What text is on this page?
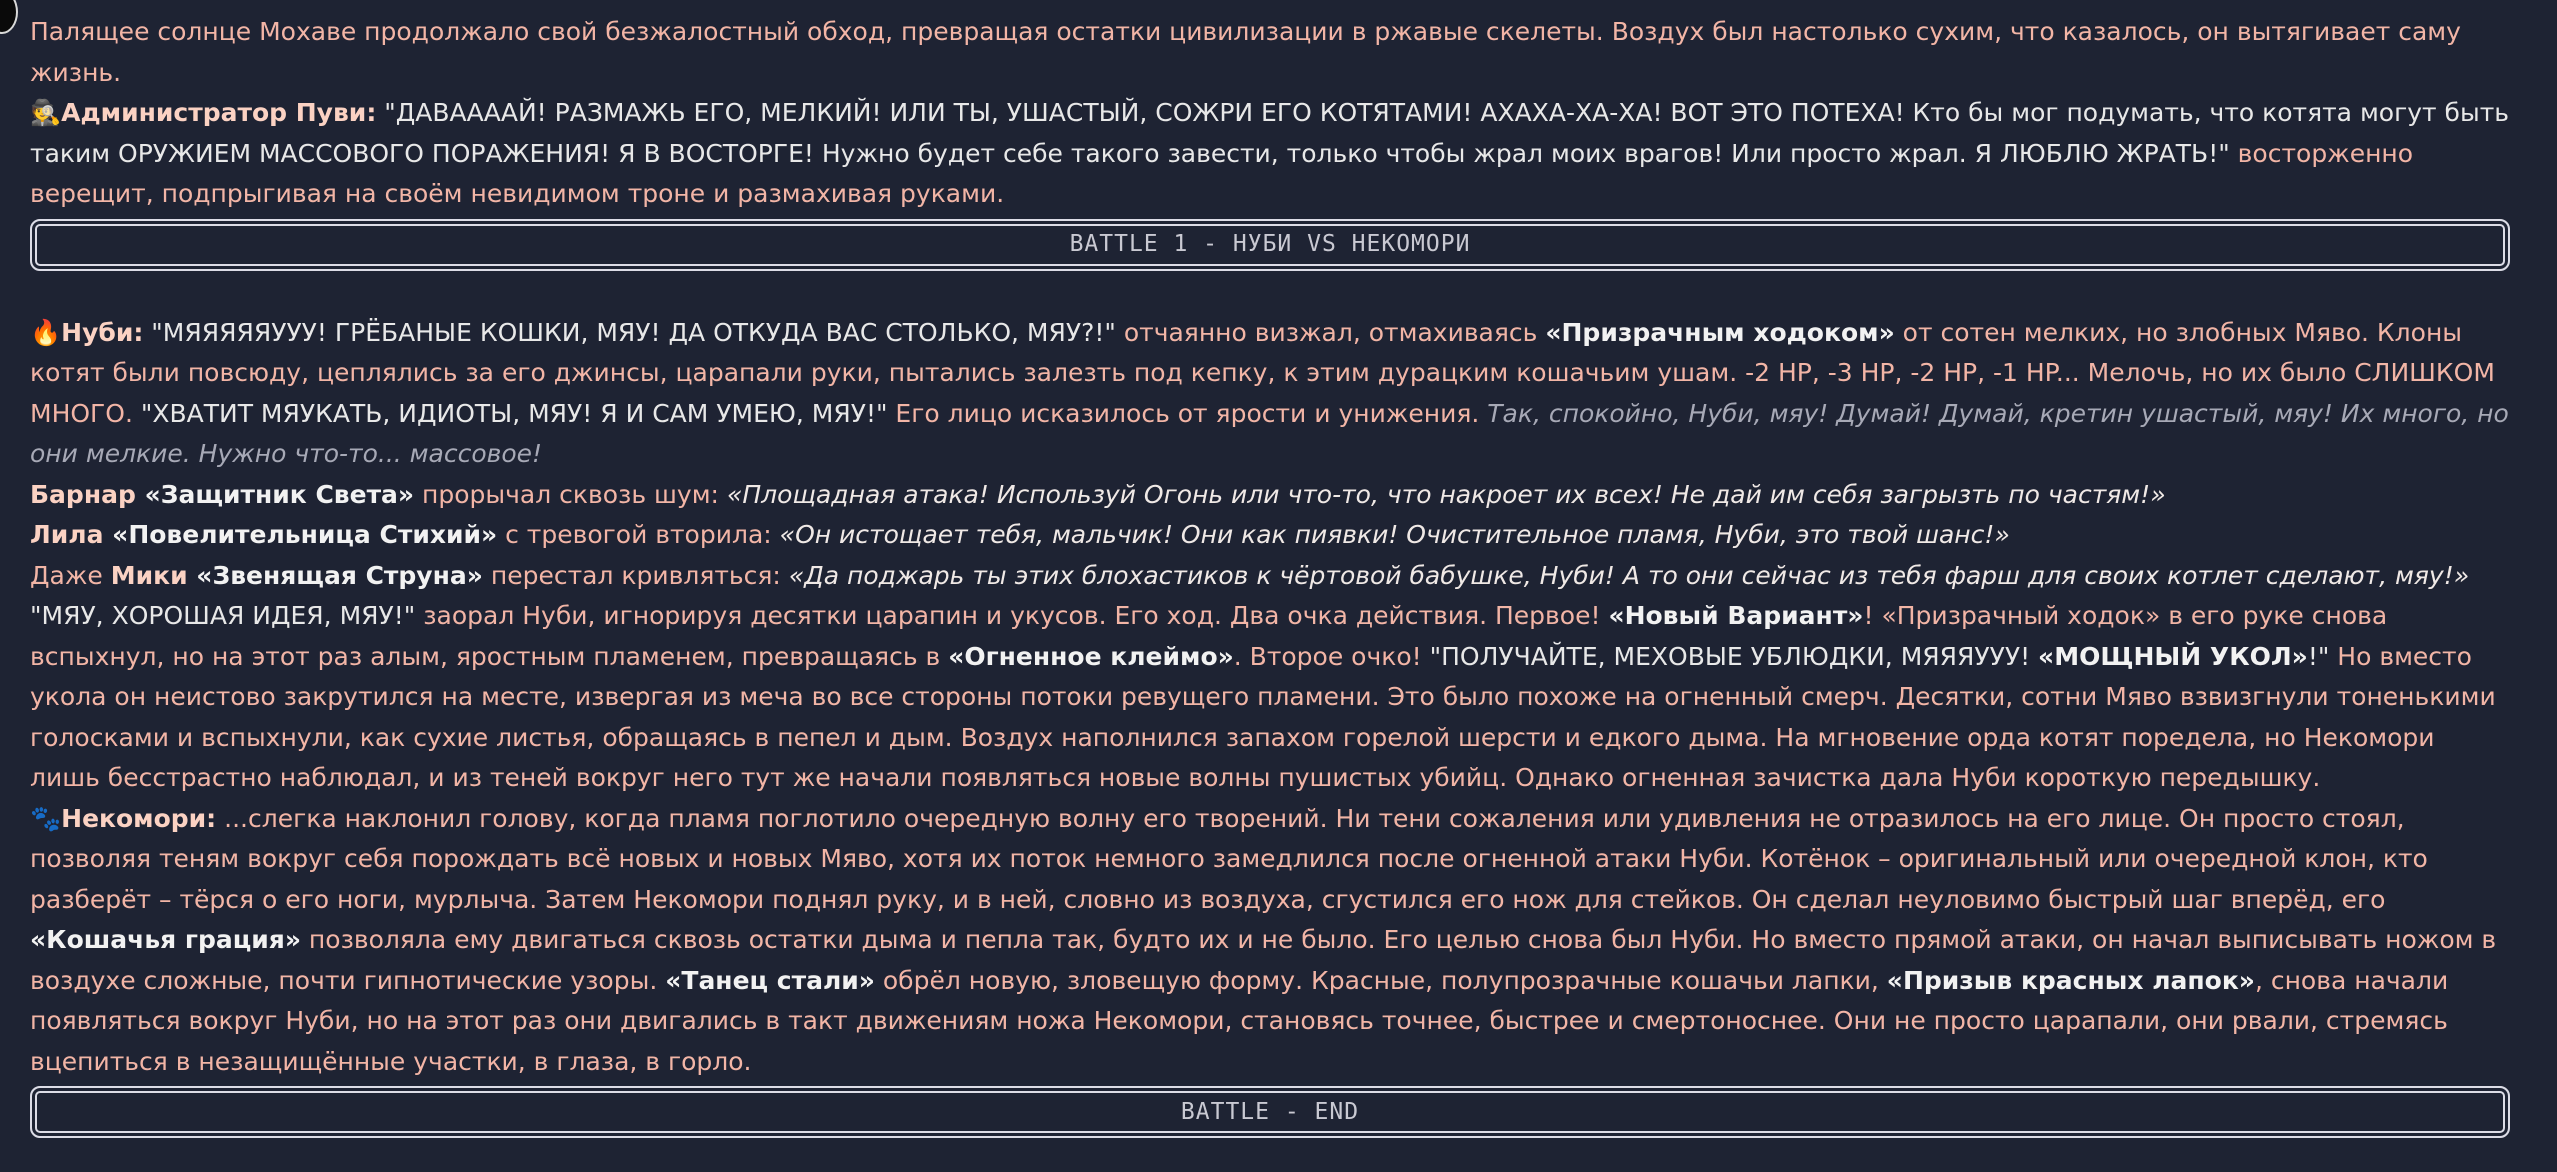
Палящее солнце Мохаве продолжало свой безжалостный обход, превращая остатки цивилизации в ржавые скелеты. Воздух был настолько сухим, что казалось, он вытягивает саму жизнь.

🕵Администратор Пуви: "ДАВААААЙ! РАЗМАЖЬ ЕГО, МЕЛКИЙ! ИЛИ ТЫ, УШАСТЫЙ, СОЖРИ ЕГО КОТЯТАМИ! АХАХА-ХА-ХА! ВОТ ЭТО ПОТЕХА! Кто бы мог подумать, что котята могут быть таким ОРУЖИЕМ МАССОВОГО ПОРАЖЕНИЯ! Я В ВОСТОРГЕ! Нужно будет себе такого завести, только чтобы жрал моих врагов! Или просто жрал. Я ЛЮБЛЮ ЖРАТЬ!" восторженно верещит, подпрыгивая на своём невидимом троне и размахивая руками.

BATTLE 1 - НУБИ VS НЕКОМОРИ

🔥Нуби: "МЯЯЯЯЯУУУ! ГРЁБАНЫЕ КОШКИ, МЯУ! ДА ОТКУДА ВАС СТОЛЬКО, МЯУ?!" отчаянно визжал, отмахиваясь «Призрачным ходоком» от сотен мелких, но злобных Мяво. Клоны котят были повсюду, цеплялись за его джинсы, царапали руки, пытались залезть под кепку, к этим дурацким кошачьим ушам. -2 HP, -3 HP, -2 HP, -1 HP... Мелочь, но их было СЛИШКОМ МНОГО. "ХВАТИТ МЯУКАТЬ, ИДИОТЫ, МЯУ! Я И САМ УМЕЮ, МЯУ!" Его лицо исказилось от ярости и унижения. Так, спокойно, Нуби, мяу! Думай! Думай, кретин ушастый, мяу! Их много, но они мелкие. Нужно что-то... массовое!

Барнар «Защитник Света» прорычал сквозь шум: «Площадная атака! Используй Огонь или что-то, что накроет их всех! Не дай им себя загрызть по частям!»

Лила «Повелительница Стихий» с тревогой вторила: «Он истощает тебя, мальчик! Они как пиявки! Очистительное пламя, Нуби, это твой шанс!»

Даже Мики «Звенящая Струна» перестал кривляться: «Да поджарь ты этих блохастиков к чёртовой бабушке, Нуби! А то они сейчас из тебя фарш для своих котлет сделают, мяу!»

"МЯУ, ХОРОШАЯ ИДЕЯ, МЯУ!" заорал Нуби, игнорируя десятки царапин и укусов. Его ход. Два очка действия. Первое! «Новый Вариант»! «Призрачный ходок» в его руке снова вспыхнул, но на этот раз алым, яростным пламенем, превращаясь в «Огненное клеймо». Второе очко! "ПОЛУЧАЙТЕ, МЕХОВЫЕ УБЛЮДКИ, МЯЯЯУУУ! «МОЩНЫЙ УКОЛ»!" Но вместо укола он неистово закрутился на месте, извергая из меча во все стороны потоки ревущего пламени. Это было похоже на огненный смерч. Десятки, сотни Мяво взвизгнули тоненькими голосками и вспыхнули, как сухие листья, обращаясь в пепел и дым. Воздух наполнился запахом горелой шерсти и едкого дыма. На мгновение орда котят поредела, но Некомори лишь бесстрастно наблюдал, и из теней вокруг него тут же начали появляться новые волны пушистых убийц. Однако огненная зачистка дала Нуби короткую передышку.

🐾Некомори: ...слегка наклонил голову, когда пламя поглотило очередную волну его творений. Ни тени сожаления или удивления не отразилось на его лице. Он просто стоял, позволяя теням вокруг себя порождать всё новых и новых Мяво, хотя их поток немного замедлился после огненной атаки Нуби. Котёнок – оригинальный или очередной клон, кто разберёт – тёрся о его ноги, мурлыча. Затем Некомори поднял руку, и в ней, словно из воздуха, сгустился его нож для стейков. Он сделал неуловимо быстрый шаг вперёд, его «Кошачья грация» позволяла ему двигаться сквозь остатки дыма и пепла так, будто их и не было. Его целью снова был Нуби. Но вместо прямой атаки, он начал выписывать ножом в воздухе сложные, почти гипнотические узоры. «Танец стали» обрёл новую, зловещую форму. Красные, полупрозрачные кошачьи лапки, «Призыв красных лапок», снова начали появляться вокруг Нуби, но на этот раз они двигались в такт движениям ножа Некомори, становясь точнее, быстрее и смертоноснее. Они не просто царапали, они рвали, стремясь вцепиться в незащищённые участки, в глаза, в горло.

BATTLE - END
